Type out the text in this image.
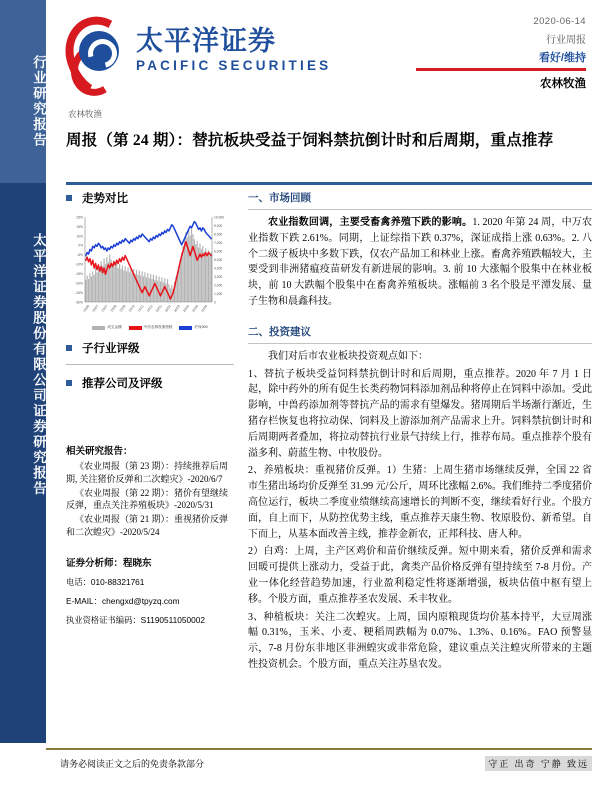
行业研究报告
太平洋证券股份有限公司证券研究报告
太平洋证券
PACIFIC SECURITIES
2020-06-14
行业周报
看好/维持
农林牧渔
农林牧渔
周报（第 24 期）：替抗板块受益于饲料禁抗倒计时和后周期，重点推荐
走势对比
25%
15%
10%
0%
-5%
-10%
-15%
-20%
-25%
-30%
10,000
9,000
8,000
7,000
6,000
5,000
4,000
3,000
2,000
1,000
0
19/06 19/07 19/07 19/08 19/09 19/10 19/11 19/12 20/01 20/02 20/03 20/04 20/05 20/06
成交金额	中信农林牧渔指数	沪深300
子行业评级
推荐公司及评级
相关研究报告：
《农业周报（第 23 期）：持续推荐后周期, 关注猪价反弹和二次蝗灾》-2020/6/7
《农业周报（第 22 期）：猪价有望继续反弹，重点关注养殖板块》-2020/5/31
《农业周报（第 21 期）：重视猪价反弹和二次蝗灾》-2020/5/24
证券分析师：程晓东
电话：010-88321761
E-MAIL：chengxd@tpyzq.com
执业资格证书编码：S1190511050002
一、市场回顾

农业指数回调，主要受畜禽养殖下跌的影响。1. 2020 年第 24 周，中万农业指数下跌 2.61%。同期，上证综指下跌 0.37%，深证成指上涨 0.63%。2. 八个二级子板块中多数下跌，仅农产品加工和林业上涨。畜禽养殖跌幅较大，主要受到非洲猪瘟疫苗研发有新进展的影响。3. 前 10 大涨幅个股集中在林业板块，前 10 大跌幅个股集中在畜禽养殖板块。涨幅前 3 名个股是平潭发展、量子生物和晨鑫科技。

二、投资建议

我们对后市农业板块投资观点如下：

1、替抗子板块受益饲料禁抗倒计时和后周期，重点推荐。2020 年 7 月 1 日起，除中药外的所有促生长类药物饲料添加剂品种将停止在饲料中添加。受此影响，中兽药添加剂等替抗产品的需求有望爆发。猪周期后半场渐行渐近，生猪存栏恢复也将拉动保、饲料及上游添加剂产品需求上升。饲料禁抗倒计时和后周期两者叠加，将拉动替抗行业景气持续上行，推荐布局。重点推荐个股有溢多利、蔚蓝生物、中牧股份。

2、养殖板块：重视猪价反弹。1）生猪：上周生猪市场继续反弹，全国 22 省市生猪出场均价反弹至 31.99 元/公斤，周环比涨幅 2.6%。我们维持二季度猪价高位运行，板块二季度业绩继续高速增长的判断不变，继续看好行业。个股方面，自上而下，从防控优势主线，重点推荐天康生物、牧原股份、新希望。自下而上，从基本面改善主线，推荐金新农，正邦科技、唐人种。

2）白鸡：上周，主产区鸡价和苗价继续反弹。短中期来看，猪价反弹和需求回暖可提供上涨动力，受益于此，禽类产品价格反弹有望持续至 7-8 月份。产业一体化经营趋势加速，行业盈利稳定性将逐渐增强，板块估值中枢有望上移。个股方面，重点推荐圣农发展、禾丰牧业。

3、种植板块：关注二次蝗灾。上周，国内原粮现货均价基本持平，大豆周涨幅 0.31%，玉米、小麦、粳稻周跌幅为 0.07%、1.3%、0.16%。FAO 预警显示，7-8 月份东非地区非洲蝗灾或非常危险，建议重点关注蝗灾所带来的主题性投资机会。个股方面，重点关注苏垦农发。

请务必阅读正文之后的免责条款部分	守正 出奇 宁静 致远
